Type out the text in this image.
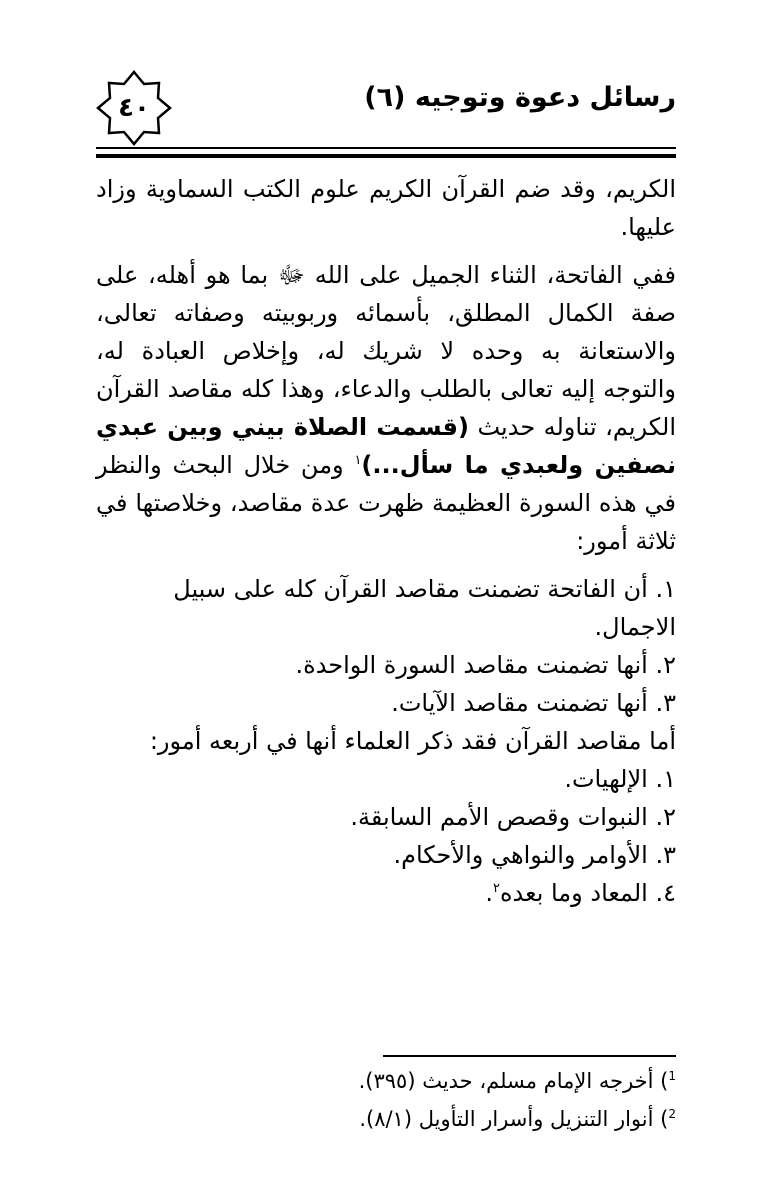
رسائل دعوة وتوجيه (٦)
٤٠

الكريم، وقد ضم القرآن الكريم علوم الكتب السماوية وزاد عليها.

ففي الفاتحة، الثناء الجميل على الله ﷻ بما هو أهله، على صفة الكمال المطلق، بأسمائه وربوبيته وصفاته تعالى، والاستعانة به وحده لا شريك له، وإخلاص العبادة له، والتوجه إليه تعالى بالطلب والدعاء، وهذا كله مقاصد القرآن الكريم، تناوله حديث (قسمت الصلاة بيني وبين عبدي نصفين ولعبدي ما سأل...)$^١$ ومن خلال البحث والنظر في هذه السورة العظيمة ظهرت عدة مقاصد، وخلاصتها في ثلاثة أمور:

١. أن الفاتحة تضمنت مقاصد القرآن كله على سبيل الاجمال.
٢. أنها تضمنت مقاصد السورة الواحدة.
٣. أنها تضمنت مقاصد الآيات.
أما مقاصد القرآن فقد ذكر العلماء أنها في أربعه أمور:
١. الإلهيات.
٢. النبوات وقصص الأمم السابقة.
٣. الأوامر والنواهي والأحكام.
٤. المعاد وما بعده$^٢$.
$^1$) أخرجه الإمام مسلم، حديث (٣٩٥).
$^2$) أنوار التنزيل وأسرار التأويل (٨/١).
